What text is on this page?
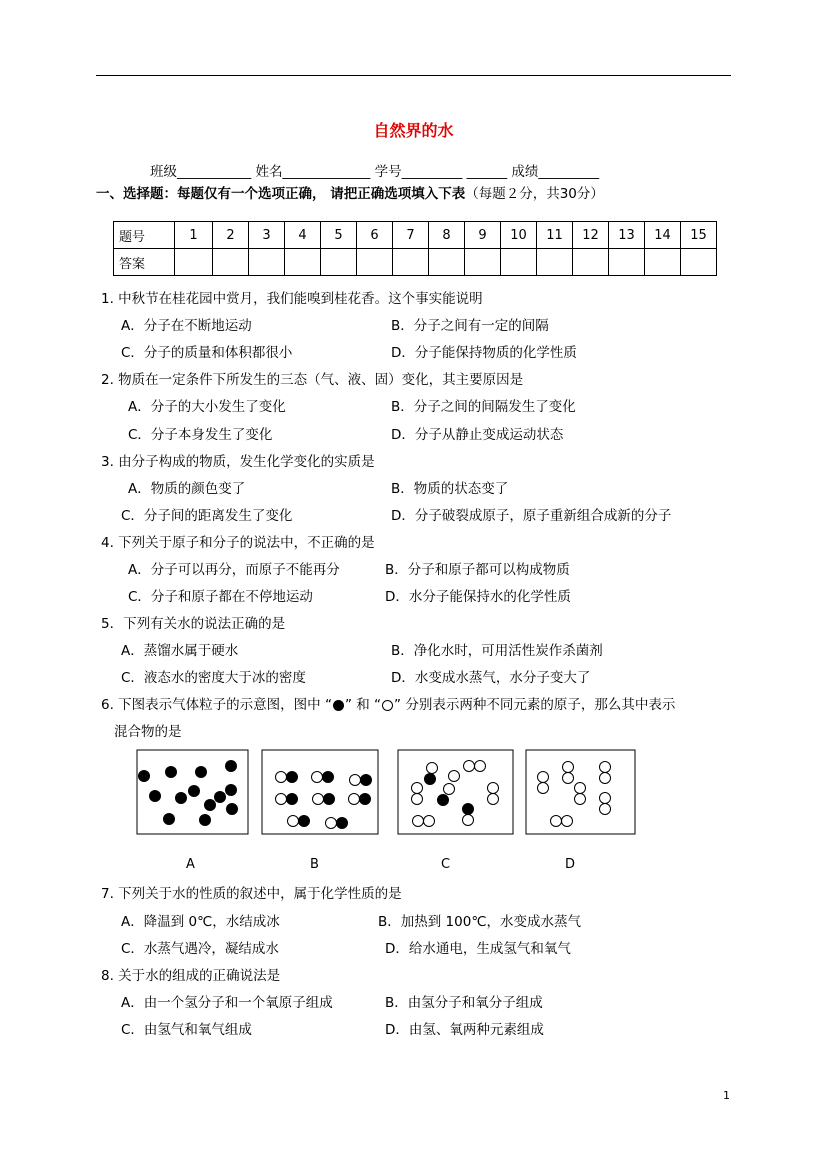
自然界的水
班级___________ 姓名_____________ 学号_________ ______ 成绩_________
一、选择题：每题仅有一个选项正确， 请把正确选项填入下表（每题２分，共30分）
题号	1	2	3	4	5	6	7	8	9	10	11	12	13	14	15
答案															
1. 中秋节在桂花园中赏月，我们能嗅到桂花香。这个事实能说明
A．分子在不断地运动	B．分子之间有一定的间隔
C．分子的质量和体积都很小	D．分子能保持物质的化学性质
2. 物质在一定条件下所发生的三态（气、液、固）变化，其主要原因是
A．分子的大小发生了变化	B．分子之间的间隔发生了变化
C．分子本身发生了变化	D．分子从静止变成运动状态
3. 由分子构成的物质，发生化学变化的实质是
A．物质的颜色变了	B．物质的状态变了
C．分子间的距离发生了变化	D．分子破裂成原子，原子重新组合成新的分子
4. 下列关于原子和分子的说法中，不正确的是
A．分子可以再分，而原子不能再分	B．分子和原子都可以构成物质
C．分子和原子都在不停地运动	D．水分子能保持水的化学性质
5．下列有关水的说法正确的是
A．蒸馏水属于硬水	B．净化水时，可用活性炭作杀菌剂
C．液态水的密度大于冰的密度	D．水变成水蒸气，水分子变大了
6. 下图表示气体粒子的示意图，图中 “ ” 和 “ ” 分别表示两种不同元素的原子，那么其中表示
混合物的是
A	B	C	D
7. 下列关于水的性质的叙述中，属于化学性质的是
A．降温到 0℃，水结成冰	B．加热到 100℃，水变成水蒸气
C．水蒸气遇冷，凝结成水	D．给水通电，生成氢气和氧气
8. 关于水的组成的正确说法是
A．由一个氢分子和一个氧原子组成	B．由氢分子和氧分子组成
C．由氢气和氧气组成	D．由氢、氧两种元素组成
1
